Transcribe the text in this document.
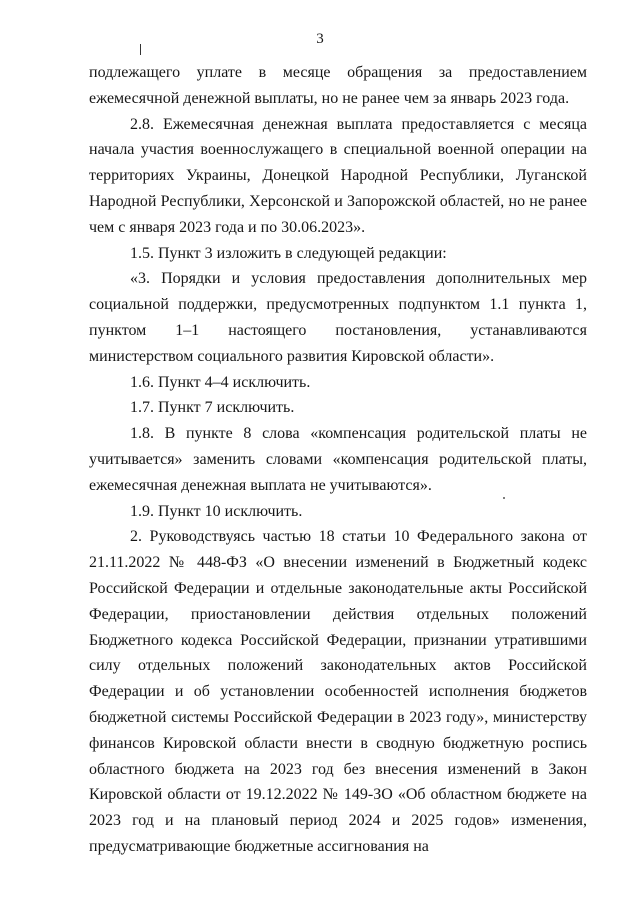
3

подлежащего уплате в месяце обращения за предоставлением ежемесячной денежной выплаты, но не ранее чем за январь 2023 года.

2.8. Ежемесячная денежная выплата предоставляется с месяца начала участия военнослужащего в специальной военной операции на территориях Украины, Донецкой Народной Республики, Луганской Народной Республики, Херсонской и Запорожской областей, но не ранее чем с января 2023 года и по 30.06.2023».

1.5. Пункт 3 изложить в следующей редакции:

«3. Порядки и условия предоставления дополнительных мер социальной поддержки, предусмотренных подпунктом 1.1 пункта 1, пунктом 1–1 настоящего постановления, устанавливаются министерством социального развития Кировской области».

1.6. Пункт 4–4 исключить.

1.7. Пункт 7 исключить.

1.8. В пункте 8 слова «компенсация родительской платы не учитывается» заменить словами «компенсация родительской платы, ежемесячная денежная выплата не учитываются».

1.9. Пункт 10 исключить.

2. Руководствуясь частью 18 статьи 10 Федерального закона от 21.11.2022 № 448-ФЗ «О внесении изменений в Бюджетный кодекс Российской Федерации и отдельные законодательные акты Российской Федерации, приостановлении действия отдельных положений Бюджетного кодекса Российской Федерации, признании утратившими силу отдельных положений законодательных актов Российской Федерации и об установлении особенностей исполнения бюджетов бюджетной системы Российской Федерации в 2023 году», министерству финансов Кировской области внести в сводную бюджетную роспись областного бюджета на 2023 год без внесения изменений в Закон Кировской области от 19.12.2022 № 149-ЗО «Об областном бюджете на 2023 год и на плановый период 2024 и 2025 годов» изменения, предусматривающие бюджетные ассигнования на
